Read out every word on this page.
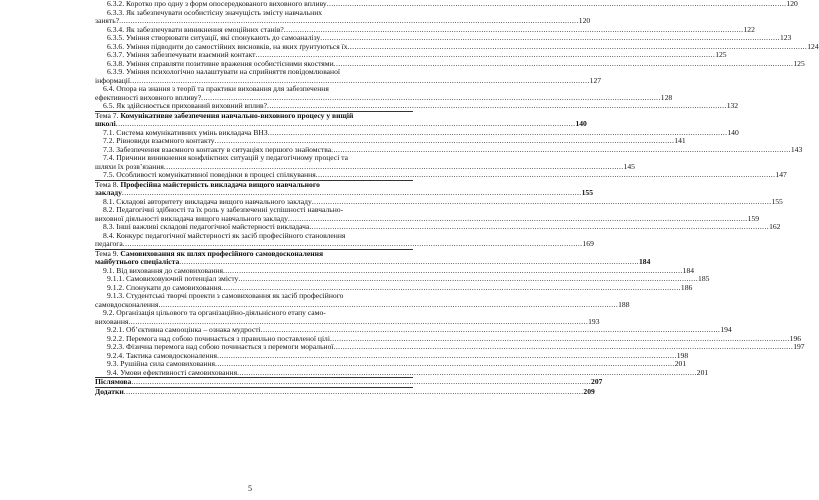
6.3.2. Коротко про одну з форм опосередкованого виховного впливу .....	120
6.3.3. Як забезпечувати особистісну значущість змісту навчальних
занять? .....	120
6.3.4. Як забезпечувати виникнення емоційних станів? .....	122
6.3.5. Уміння створювати ситуації, які спонукають до самоаналізу .....	123
6.3.6. Уміння підводити до самостійних висновків, на яких ґрунтуються їх .....	124
6.3.7. Уміння забезпечувати взаємний контакт .....	125
6.3.8. Уміння справляти позитивне враження особистісними якостями .....	125
6.3.9. Уміння психологічно налаштувати на сприйняття повідомлюваної
інформації .....	127
6.4. Опора на знання з теорії та практики виховання для забезпечення
ефективності виховного впливу? .....	128
6.5. Як здійснюється прихований виховний вплив? .....	132
Тема 7. Комунікативне забезпечення навчально-виховного процесу у вищій
школі .....	140
7.1. Система комунікативних умінь викладача ВНЗ .....	140
7.2. Рівновиди взаємного контакту .....	141
7.3. Забезпечення взаємного контакту в ситуаціях першого знайомства .....	143
7.4. Причини виникнення конфліктних ситуацій у педагогічному процесі та
шляхи їх розв’язання .....	145
7.5. Особливості комунікативної поведінки в процесі спілкування .....	147
Тема 8. Професійна майстерність викладача вищого навчального
закладу .....	155
8.1. Складові авторитету викладача вищого навчального закладу .....	155
8.2. Педагогічні здібності та їх роль у забезпеченні успішності навчально-
виховної діяльності викладача вищого навчального закладу .....	159
8.3. Інші важливі складові педагогічної майстерності викладача .....	162
8.4. Конкурс педагогічної майстерності як засіб професійного становлення
педагога .....	169
Тема 9. Самовиховання як шлях професійного самовдосконалення
майбутнього спеціаліста .....	184
9.1. Від виховання до самовиховання .....	184
9.1.1. Самовиховуючий потенціал змісту .....	185
9.1.2. Спонукати до самовиховання .....	186
9.1.3. Студентські творчі проекти з самовиховання як засіб професійного
самовдосконалення .....	188
9.2. Організація цільового та організаційно-діяльнісного етапу само-
виховання .....	193
9.2.1. Об’єктивна самооцінка – ознака мудрості .....	194
9.2.2. Перемога над собою починається з правильно поставленої цілі .....	196
9.2.3. Фізична перемога над собою починається з перемоги моральної .....	197
9.2.4. Тактика самовдосконалення .....	198
9.3. Рушійна сила самовиховання .....	201
9.4. Умови ефективності самовиховання .....	201
Післямова .....	207
Додатки .....	209
5
